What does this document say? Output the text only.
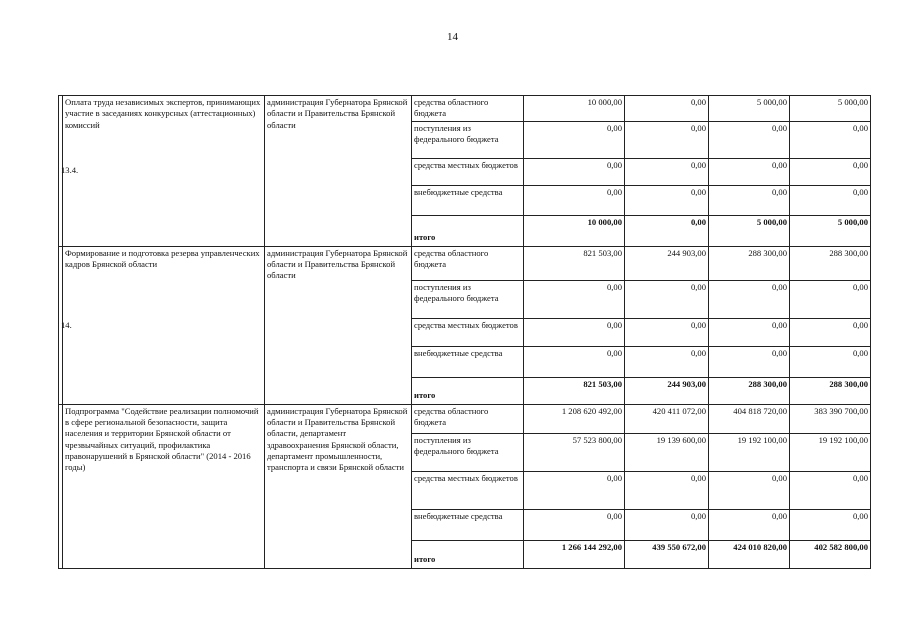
14
13.4.	Оплата труда независимых экспертов, принимающих участие в заседаниях конкурсных (аттестационных) комиссий	администрация Губернатора Брянской области и Правительства Брянской области	средства областного бюджета	10 000,00	0,00	5 000,00	5 000,00
			поступления из федерального бюджета	0,00	0,00	0,00	0,00
			средства местных бюджетов	0,00	0,00	0,00	0,00
			внебюджетные средства	0,00	0,00	0,00	0,00
			итого	10 000,00	0,00	5 000,00	5 000,00
14.	Формирование и подготовка резерва управленческих кадров Брянской области	администрация Губернатора Брянской области и Правительства Брянской области	средства областного бюджета	821 503,00	244 903,00	288 300,00	288 300,00
			поступления из федерального бюджета	0,00	0,00	0,00	0,00
			средства местных бюджетов	0,00	0,00	0,00	0,00
			внебюджетные средства	0,00	0,00	0,00	0,00
			итого	821 503,00	244 903,00	288 300,00	288 300,00
	Подпрограмма "Содействие реализации полномочий в сфере региональной безопасности, защита населения и территории Брянской области от чрезвычайных ситуаций, профилактика правонарушений в Брянской области" (2014 - 2016 годы)	администрация Губернатора Брянской области и Правительства Брянской области, департамент здравоохранения Брянской области, департамент промышленности, транспорта и связи Брянской области	средства областного бюджета	1 208 620 492,00	420 411 072,00	404 818 720,00	383 390 700,00
			поступления из федерального бюджета	57 523 800,00	19 139 600,00	19 192 100,00	19 192 100,00
			средства местных бюджетов	0,00	0,00	0,00	0,00
			внебюджетные средства	0,00	0,00	0,00	0,00
			итого	1 266 144 292,00	439 550 672,00	424 010 820,00	402 582 800,00
